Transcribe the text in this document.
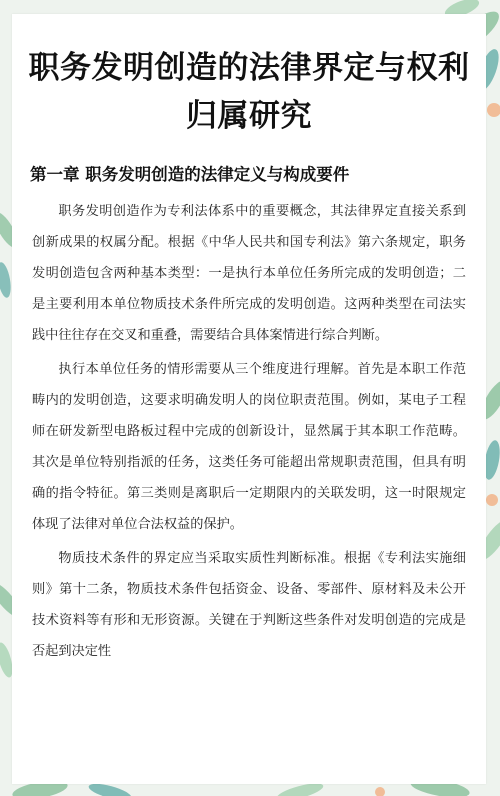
职务发明创造的法律界定与权利归属研究
第一章 职务发明创造的法律定义与构成要件

职务发明创造作为专利法体系中的重要概念，其法律界定直接关系到创新成果的权属分配。根据《中华人民共和国专利法》第六条规定，职务发明创造包含两种基本类型：一是执行本单位任务所完成的发明创造；二是主要利用本单位物质技术条件所完成的发明创造。这两种类型在司法实践中往往存在交叉和重叠，需要结合具体案情进行综合判断。

执行本单位任务的情形需要从三个维度进行理解。首先是本职工作范畴内的发明创造，这要求明确发明人的岗位职责范围。例如，某电子工程师在研发新型电路板过程中完成的创新设计，显然属于其本职工作范畴。其次是单位特别指派的任务，这类任务可能超出常规职责范围，但具有明确的指令特征。第三类则是离职后一定期限内的关联发明，这一时限规定体现了法律对单位合法权益的保护。

物质技术条件的界定应当采取实质性判断标准。根据《专利法实施细则》第十二条，物质技术条件包括资金、设备、零部件、原材料及未公开技术资料等有形和无形资源。关键在于判断这些条件对发明创造的完成是否起到决定性
